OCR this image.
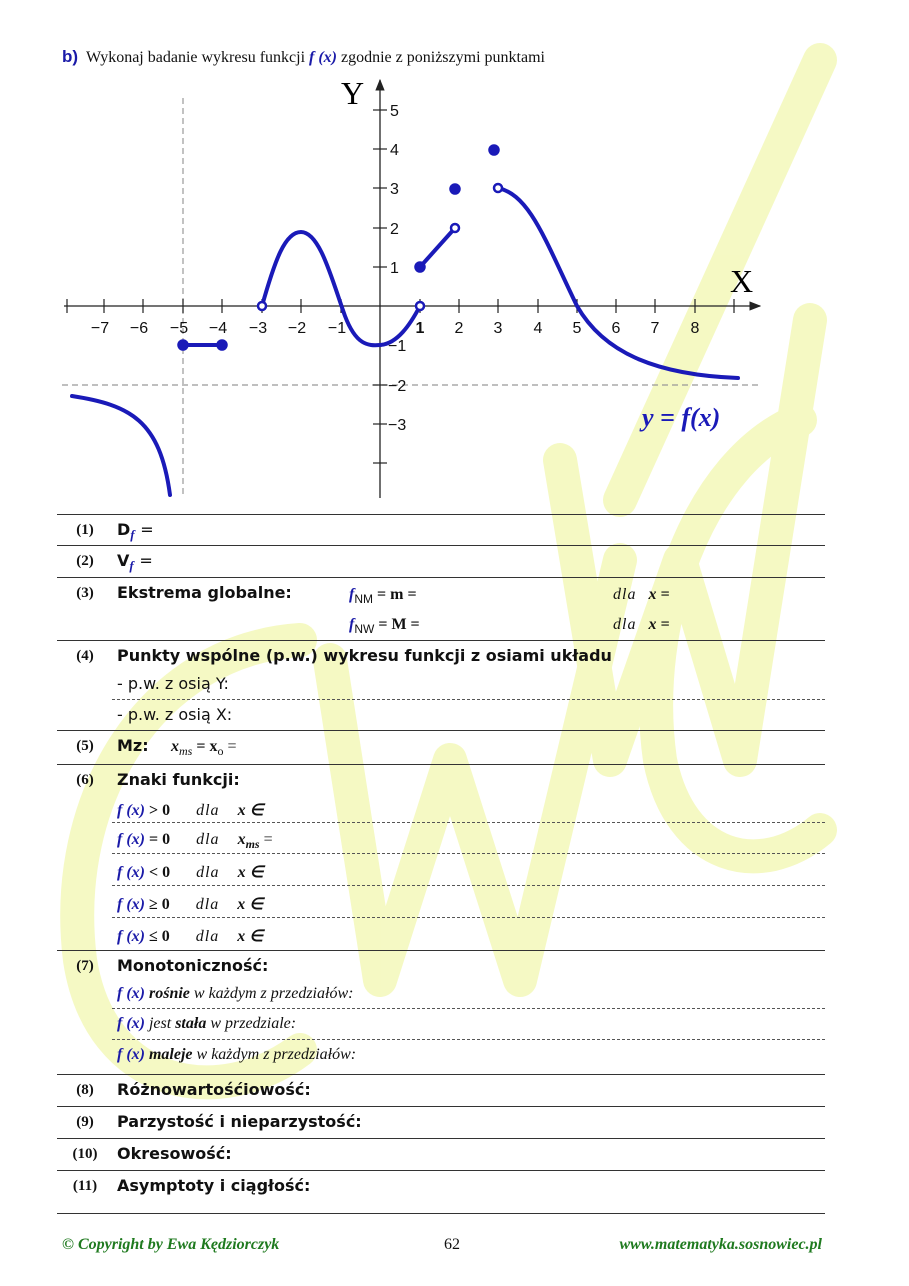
b) Wykonaj badanie wykresu funkcji f (x) zgodnie z poniższymi punktami
Y
X
−7 −6 −5 −4 −3 −2 −1	1 2 3 4 5 6 7 8
5
4
3
2
1
−1
−2
−3	y = f(x)
(1)	$D_f$ =
(2)	$V_f$ =
(3)	Ekstrema globalne:	$f_{NM} = m$ =	dla x =
$f_{NW} = M$ =	dla x =
(4)	Punkty wspólne (p.w.) wykresu funkcji z osiami układu
- p.w. z osią Y:
- p.w. z osią X:
(5)	Mz: $x_{ms} = x_o$ =
(6)	Znaki funkcji:
f (x) > 0 dla x ∈
f (x) = 0 dla $x_{ms}$ =
f (x) < 0 dla x ∈
f (x) ≥ 0 dla x ∈
f (x) ≤ 0 dla x ∈
(7)	Monotoniczność:
f (x) rośnie w każdym z przedziałów:
f (x) jest stała w przedziale:
f (x) maleje w każdym z przedziałów:
(8)	Różnowartośćiowość:
(9)	Parzystość i nieparzystość:
(10)	Okresowość:
(11)	Asymptoty i ciągłość:
© Copyright by Ewa Kędziorczyk	62	www.matematyka.sosnowiec.pl
